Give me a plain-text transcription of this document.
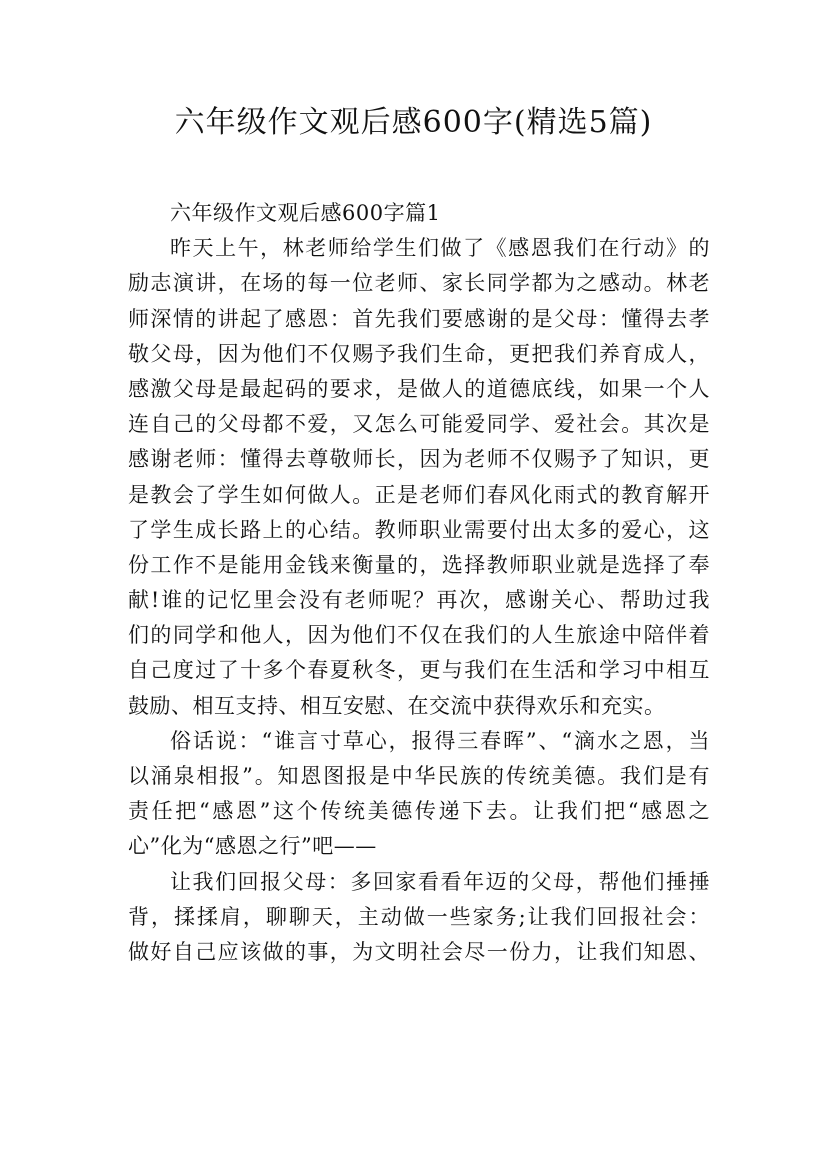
六年级作文观后感600字(精选5篇)
六年级作文观后感600字篇1
昨天上午，林老师给学生们做了《感恩我们在行动》的
励志演讲，在场的每一位老师、家长同学都为之感动。林老
师深情的讲起了感恩：首先我们要感谢的是父母：懂得去孝
敬父母，因为他们不仅赐予我们生命，更把我们养育成人，
感激父母是最起码的要求，是做人的道德底线，如果一个人
连自己的父母都不爱，又怎么可能爱同学、爱社会。其次是
感谢老师：懂得去尊敬师长，因为老师不仅赐予了知识，更
是教会了学生如何做人。正是老师们春风化雨式的教育解开
了学生成长路上的心结。教师职业需要付出太多的爱心，这
份工作不是能用金钱来衡量的，选择教师职业就是选择了奉
献!谁的记忆里会没有老师呢？再次，感谢关心、帮助过我
们的同学和他人，因为他们不仅在我们的人生旅途中陪伴着
自己度过了十多个春夏秋冬，更与我们在生活和学习中相互
鼓励、相互支持、相互安慰、在交流中获得欢乐和充实。
俗话说：“谁言寸草心，报得三春晖”、“滴水之恩，当
以涌泉相报”。知恩图报是中华民族的传统美德。我们是有
责任把“感恩”这个传统美德传递下去。让我们把“感恩之
心”化为“感恩之行”吧——
让我们回报父母：多回家看看年迈的父母，帮他们捶捶
背，揉揉肩，聊聊天，主动做一些家务;让我们回报社会：
做好自己应该做的事，为文明社会尽一份力，让我们知恩、
